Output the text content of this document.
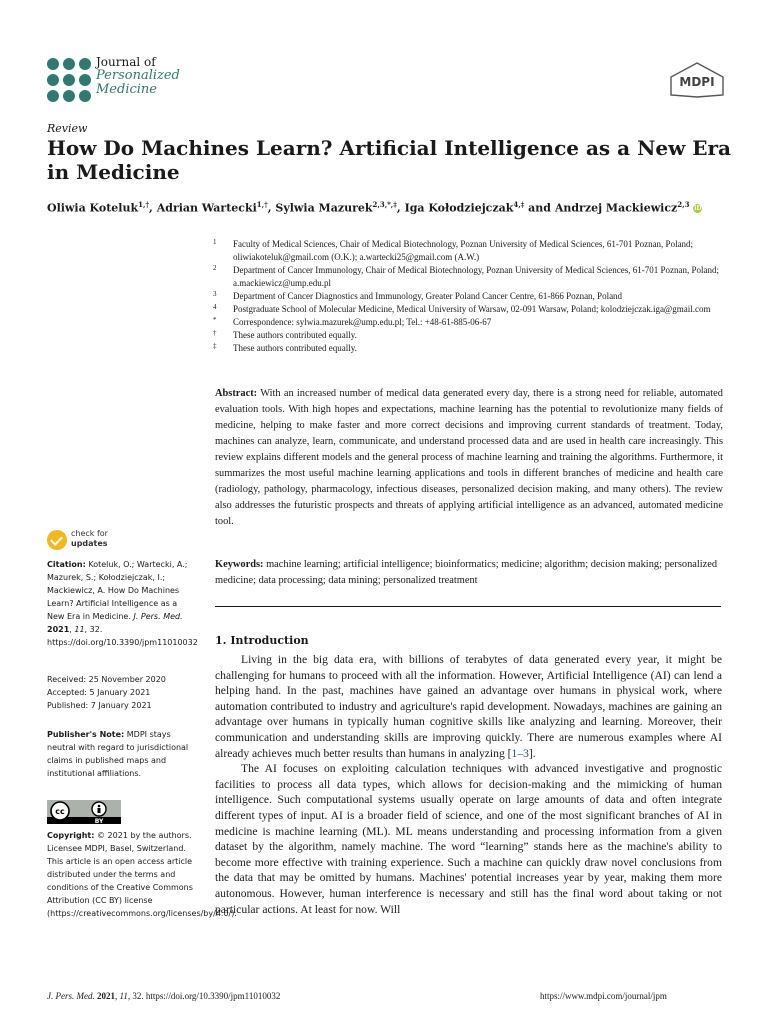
Journal of
Personalized
Medicine	MDPI
Review
How Do Machines Learn? Artificial Intelligence as a New Era in Medicine
Oliwia Koteluk$^{1,\dagger}$, Adrian Wartecki$^{1,\dagger}$, Sylwia Mazurek$^{2,3,*,\ddagger}$, Iga Kołodziejczak$^{4,\ddagger}$ and Andrzej Mackiewicz$^{2,3}$ iD
1 Faculty of Medical Sciences, Chair of Medical Biotechnology, Poznan University of Medical Sciences, 61-701 Poznan, Poland; oliwiakoteluk@gmail.com (O.K.); a.wartecki25@gmail.com (A.W.)
2 Department of Cancer Immunology, Chair of Medical Biotechnology, Poznan University of Medical Sciences, 61-701 Poznan, Poland; a.mackiewicz@ump.edu.pl
3 Department of Cancer Diagnostics and Immunology, Greater Poland Cancer Centre, 61-866 Poznan, Poland
4 Postgraduate School of Molecular Medicine, Medical University of Warsaw, 02-091 Warsaw, Poland; kolodziejczak.iga@gmail.com
* Correspondence: sylwia.mazurek@ump.edu.pl; Tel.: +48-61-885-06-67
† These authors contributed equally.
‡ These authors contributed equally.
Abstract: With an increased number of medical data generated every day, there is a strong need for reliable, automated evaluation tools. With high hopes and expectations, machine learning has the potential to revolutionize many fields of medicine, helping to make faster and more correct decisions and improving current standards of treatment. Today, machines can analyze, learn, communicate, and understand processed data and are used in health care increasingly. This review explains different models and the general process of machine learning and training the algorithms. Furthermore, it summarizes the most useful machine learning applications and tools in different branches of medicine and health care (radiology, pathology, pharmacology, infectious diseases, personalized decision making, and many others). The review also addresses the futuristic prospects and threats of applying artificial intelligence as an advanced, automated medicine tool.
Keywords: machine learning; artificial intelligence; bioinformatics; medicine; algorithm; decision making; personalized medicine; data processing; data mining; personalized treatment
check for
updates
Citation: Koteluk, O.; Wartecki, A.; Mazurek, S.; Kołodziejczak, I.; Mackiewicz, A. How Do Machines Learn? Artificial Intelligence as a New Era in Medicine. J. Pers. Med. 2021, 11, 32. https://doi.org/10.3390/jpm11010032
Received: 25 November 2020
Accepted: 5 January 2021
Published: 7 January 2021
Publisher's Note: MDPI stays neutral with regard to jurisdictional claims in published maps and institutional affiliations.
cc
BY
Copyright: © 2021 by the authors. Licensee MDPI, Basel, Switzerland. This article is an open access article distributed under the terms and conditions of the Creative Commons Attribution (CC BY) license (https://creativecommons.org/licenses/by/4.0/).
1. Introduction

Living in the big data era, with billions of terabytes of data generated every year, it might be challenging for humans to proceed with all the information. However, Artificial Intelligence (AI) can lend a helping hand. In the past, machines have gained an advantage over humans in physical work, where automation contributed to industry and agriculture's rapid development. Nowadays, machines are gaining an advantage over humans in typically human cognitive skills like analyzing and learning. Moreover, their communication and understanding skills are improving quickly. There are numerous examples where AI already achieves much better results than humans in analyzing [1–3].

The AI focuses on exploiting calculation techniques with advanced investigative and prognostic facilities to process all data types, which allows for decision-making and the mimicking of human intelligence. Such computational systems usually operate on large amounts of data and often integrate different types of input. AI is a broader field of science, and one of the most significant branches of AI in medicine is machine learning (ML). ML means understanding and processing information from a given dataset by the algorithm, namely machine. The word “learning” stands here as the machine's ability to become more effective with training experience. Such a machine can quickly draw novel conclusions from the data that may be omitted by humans. Machines' potential increases year by year, making them more autonomous. However, human interference is necessary and still has the final word about taking or not particular actions. At least for now. Will

J. Pers. Med. 2021, 11, 32. https://doi.org/10.3390/jpm11010032	https://www.mdpi.com/journal/jpm
